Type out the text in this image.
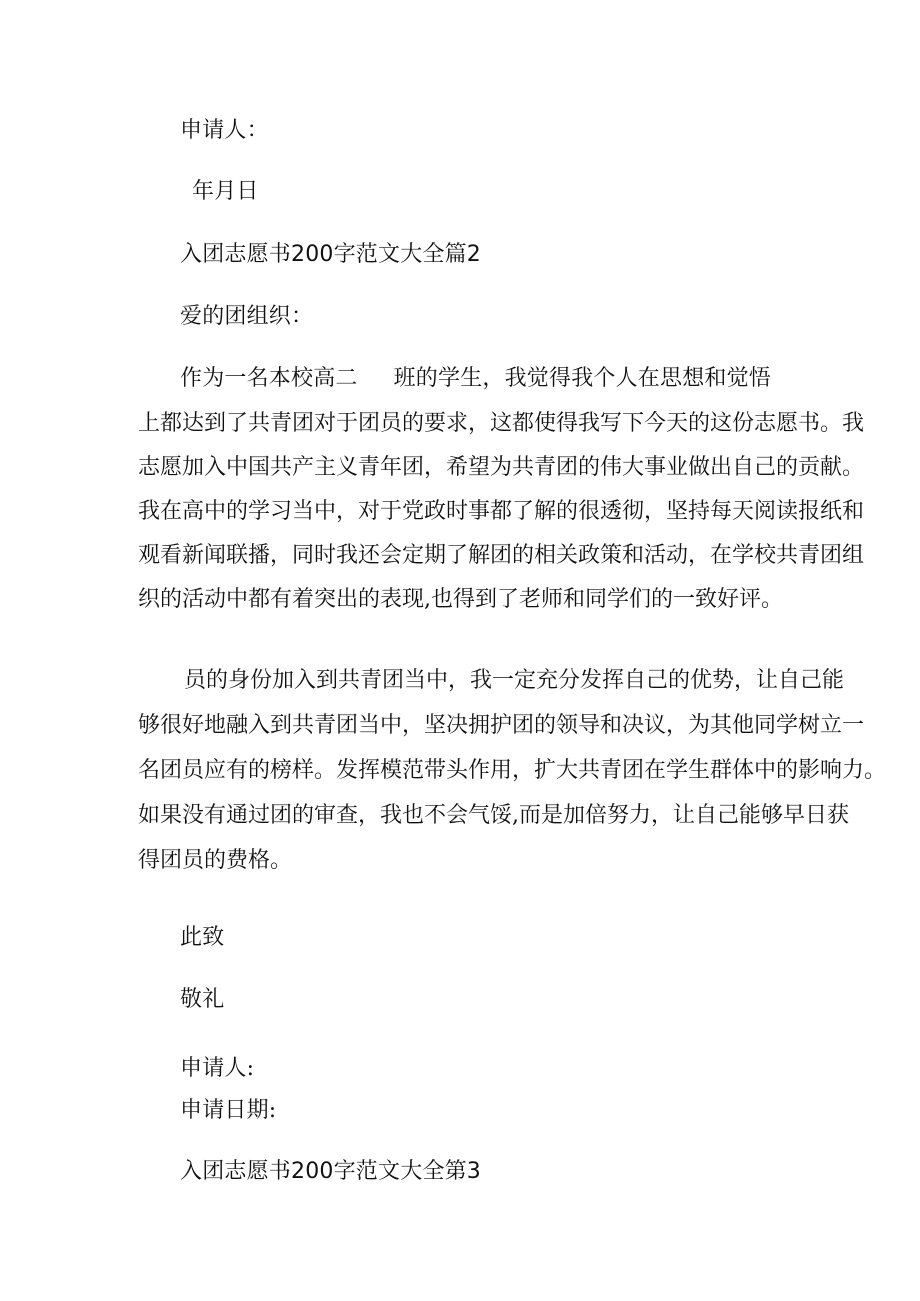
申请人：
年月日
入团志愿书200字范文大全篇2
爱的团组织：
作为一名本校高二 班的学生，我觉得我个人在思想和觉悟
上都达到了共青团对于团员的要求，这都使得我写下今天的这份志愿书。我
志愿加入中国共产主义青年团，希望为共青团的伟大事业做出自己的贡献。
我在高中的学习当中，对于党政时事都了解的很透彻，坚持每天阅读报纸和
观看新闻联播，同时我还会定期了解团的相关政策和活动，在学校共青团组
织的活动中都有着突出的表现,也得到了老师和同学们的一致好评。
员的身份加入到共青团当中，我一定充分发挥自己的优势，让自己能
够很好地融入到共青团当中，坚决拥护团的领导和决议，为其他同学树立一
名团员应有的榜样。发挥模范带头作用，扩大共青团在学生群体中的影响力。
如果没有通过团的审查，我也不会气馁,而是加倍努力，让自己能够早日获
得团员的费格。
此致
敬礼
申请人:
申请日期:
入团志愿书200字范文大全第3
